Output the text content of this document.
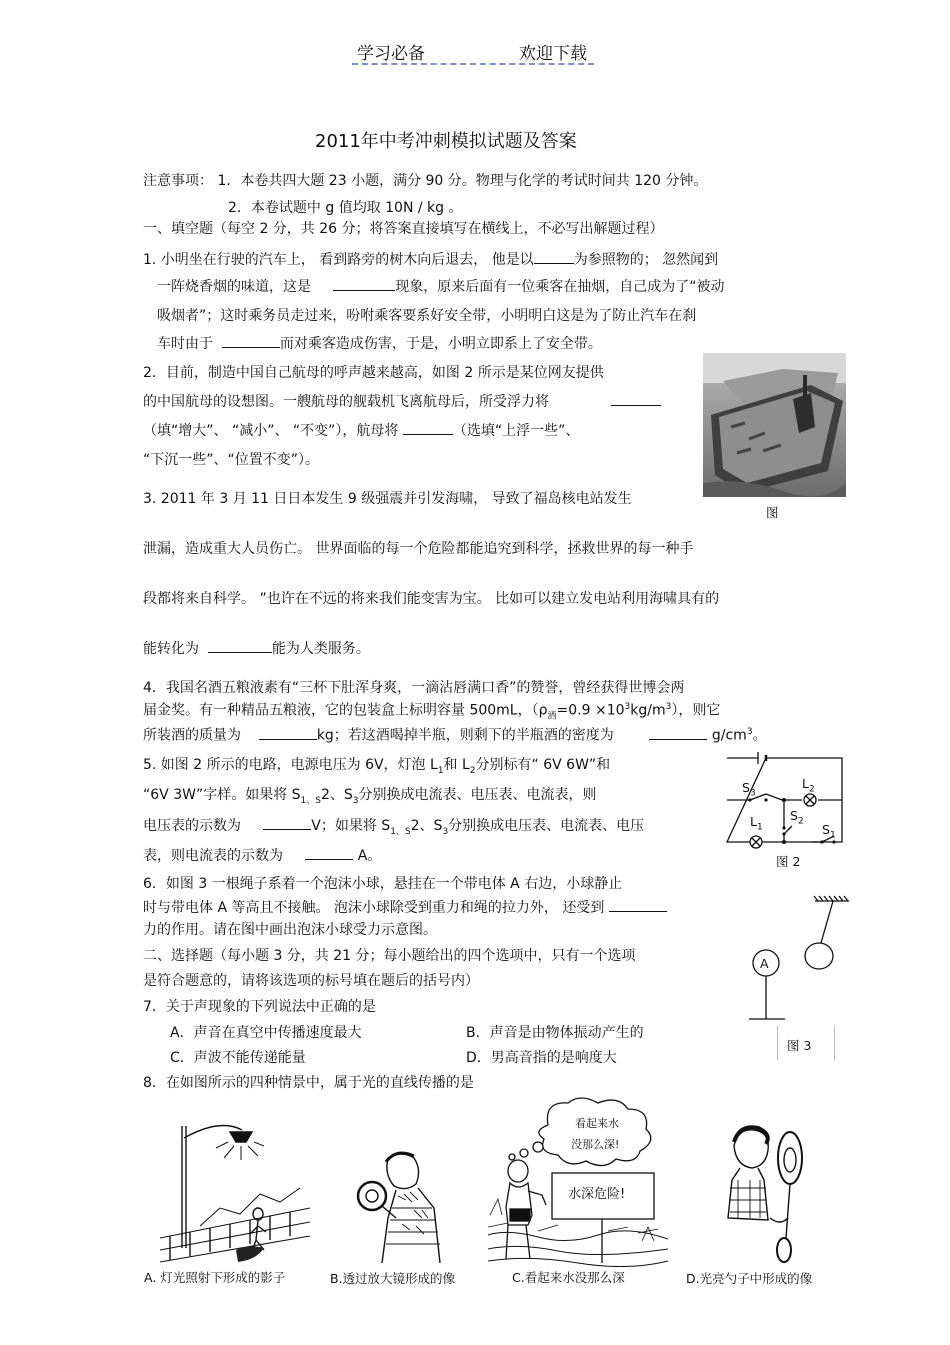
学习必备	欢迎下载
2011年中考冲刺模拟试题及答案
注意事项： 1．本卷共四大题 23 小题，满分 90 分。物理与化学的考试时间共 120 分钟。
2．本卷试题中 g 值均取 10N / kg 。
一、填空题（每空 2 分，共 26 分；将答案直接填写在横线上，不必写出解题过程）
1. 小明坐在行驶的汽车上， 看到路旁的树木向后退去， 他是以	为参照物的； 忽然闻到
一阵烧香烟的味道，这是	现象，原来后面有一位乘客在抽烟，自己成为了“被动
吸烟者”；这时乘务员走过来，吩咐乘客要系好安全带，小明明白这是为了防止汽车在刹
车时由于	而对乘客造成伤害，于是，小明立即系上了安全带。
2．目前，制造中国自己航母的呼声越来越高，如图 2 所示是某位网友提供
的中国航母的设想图。一艘航母的舰载机飞离航母后，所受浮力将
（填“增大”、 “减小”、 “不变”），航母将	（选填“上浮一些”、
“下沉一些”、“位置不变”）。
图
3. 2011 年 3 月 11 日日本发生 9 级强震并引发海啸， 导致了福岛核电站发生
泄漏，造成重大人员伤亡。 世界面临的每一个危险都能追究到科学，拯救世界的每一种手
段都将来自科学。 ”也许在不远的将来我们能变害为宝。 比如可以建立发电站利用海啸具有的
能转化为	能为人类服务。
4．我国名酒五粮液素有“三杯下肚浑身爽，一滴沾唇满口香”的赞誉，曾经获得世博会两
届金奖。有一种精品五粮液，它的包装盒上标明容量 500mL，$(\rho_酒=0.9 \times 10^3kg/m^3)$，则它
所装酒的质量为	kg；若这酒喝掉半瓶，则剩下的半瓶酒的密度为	$g/cm^3$。
5. 如图 2 所示的电路，电源电压为 6V，灯泡 $L_1$和 $L_2$分别标有“ 6V 6W”和
“6V 3W”字样。如果将 $S_{1、S}2$、$S_3$分别换成电流表、电压表、电流表，则
电压表的示数为	V；如果将 $S_{1、S}2$、$S_3$分别换成电压表、电流表、电压
表，则电流表的示数为	A。
$S_3$
$L_2$
$L_1$
$S_2$
$S_1$
图 2
6．如图 3 一根绳子系着一个泡沫小球，悬挂在一个带电体 A 右边，小球静止
时与带电体 A 等高且不接触。 泡沫小球除受到重力和绳的拉力外， 还受到
力的作用。请在图中画出泡沫小球受力示意图。
二、选择题（每小题 3 分，共 21 分；每小题给出的四个选项中，只有一个选项
是符合题意的，请将该选项的标号填在题后的括号内）
A
图 3
7．关于声现象的下列说法中正确的是
A．声音在真空中传播速度最大	B．声音是由物体振动产生的
C．声波不能传递能量	D．男高音指的是响度大
8．在如图所示的四种情景中，属于光的直线传播的是
A. 灯光照射下形成的影子	B.透过放大镜形成的像
看起来水
没那么深!
水深危险!
C.看起来水没那么深	D.光亮勺子中形成的像
